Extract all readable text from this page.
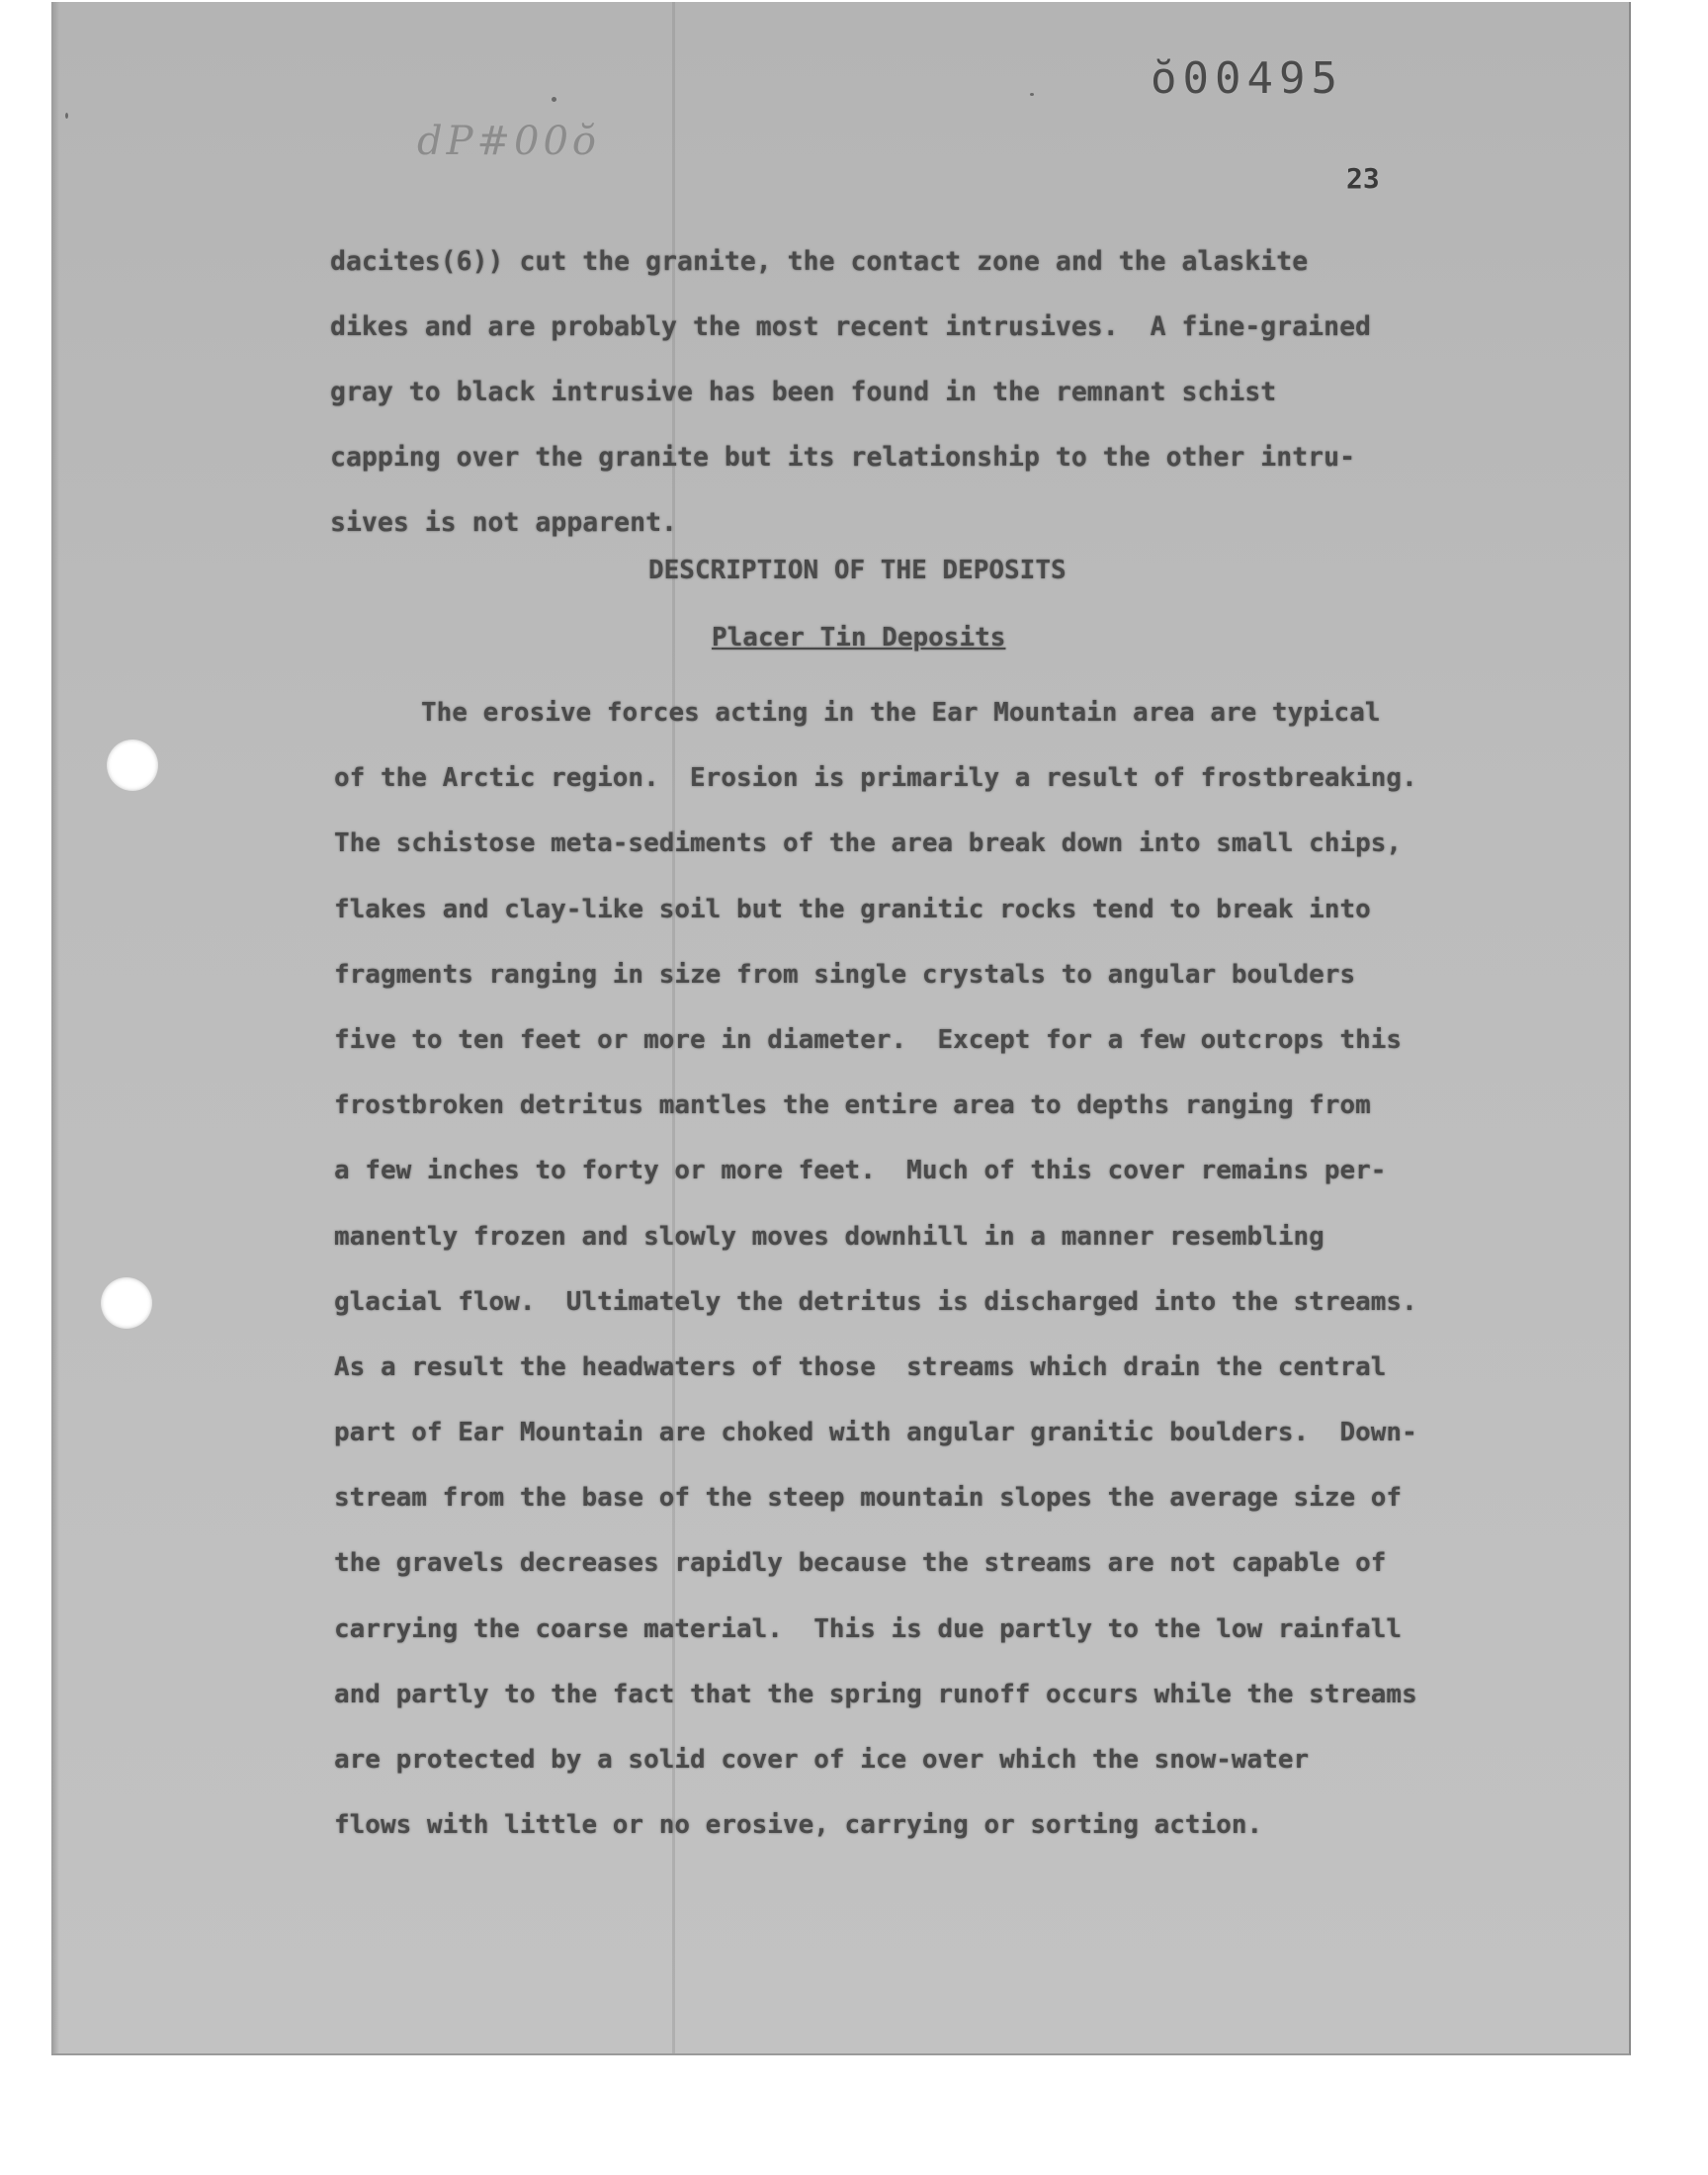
ŏ00495
dP#00ŏ
23
dacites(6)) cut the granite, the contact zone and the alaskite
dikes and are probably the most recent intrusives.  A fine-grained
gray to black intrusive has been found in the remnant schist
capping over the granite but its relationship to the other intru-
sives is not apparent.
DESCRIPTION OF THE DEPOSITS
Placer Tin Deposits
The erosive forces acting in the Ear Mountain area are typical
of the Arctic region.  Erosion is primarily a result of frostbreaking.
The schistose meta-sediments of the area break down into small chips,
flakes and clay-like soil but the granitic rocks tend to break into
fragments ranging in size from single crystals to angular boulders
five to ten feet or more in diameter.  Except for a few outcrops this
frostbroken detritus mantles the entire area to depths ranging from
a few inches to forty or more feet.  Much of this cover remains per-
manently frozen and slowly moves downhill in a manner resembling
glacial flow.  Ultimately the detritus is discharged into the streams.
As a result the headwaters of those  streams which drain the central
part of Ear Mountain are choked with angular granitic boulders.  Down-
stream from the base of the steep mountain slopes the average size of
the gravels decreases rapidly because the streams are not capable of
carrying the coarse material.  This is due partly to the low rainfall
and partly to the fact that the spring runoff occurs while the streams
are protected by a solid cover of ice over which the snow-water
flows with little or no erosive, carrying or sorting action.
